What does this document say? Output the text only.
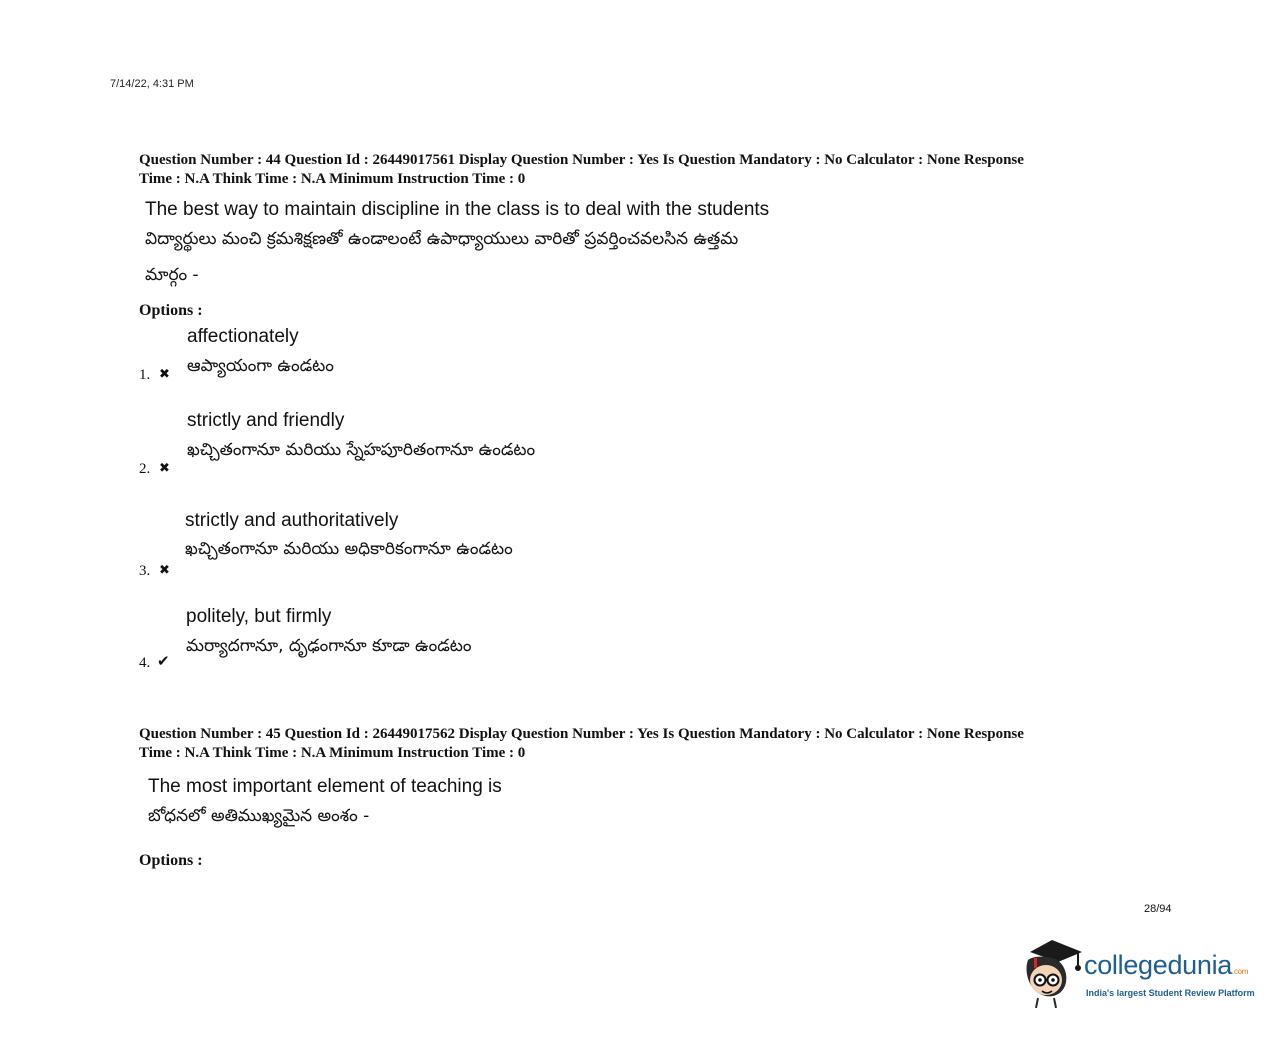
7/14/22, 4:31 PM
Question Number : 44 Question Id : 26449017561 Display Question Number : Yes Is Question Mandatory : No Calculator : None Response
Time : N.A Think Time : N.A Minimum Instruction Time : 0
The best way to maintain discipline in the class is to deal with the students
విద్యార్థులు మంచి క్రమశిక్షణతో ఉండాలంటే ఉపాధ్యాయులు వారితో ప్రవర్తించవలసిన ఉత్తమ
మార్గం -
Options :
affectionately
ఆప్యాయంగా ఉండటం
1. ✖
strictly and friendly
ఖచ్చితంగానూ మరియు స్నేహపూరితంగానూ ఉండటం
2. ✖
strictly and authoritatively
ఖచ్చితంగానూ మరియు అధికారికంగానూ ఉండటం
3. ✖
politely, but firmly
మర్యాదగానూ, దృఢంగానూ కూడా ఉండటం
4. ✔
Question Number : 45 Question Id : 26449017562 Display Question Number : Yes Is Question Mandatory : No Calculator : None Response
Time : N.A Think Time : N.A Minimum Instruction Time : 0
The most important element of teaching is
బోధనలో అతిముఖ్యమైన అంశం -
Options :
28/94
collegedunia.com
India's largest Student Review Platform
